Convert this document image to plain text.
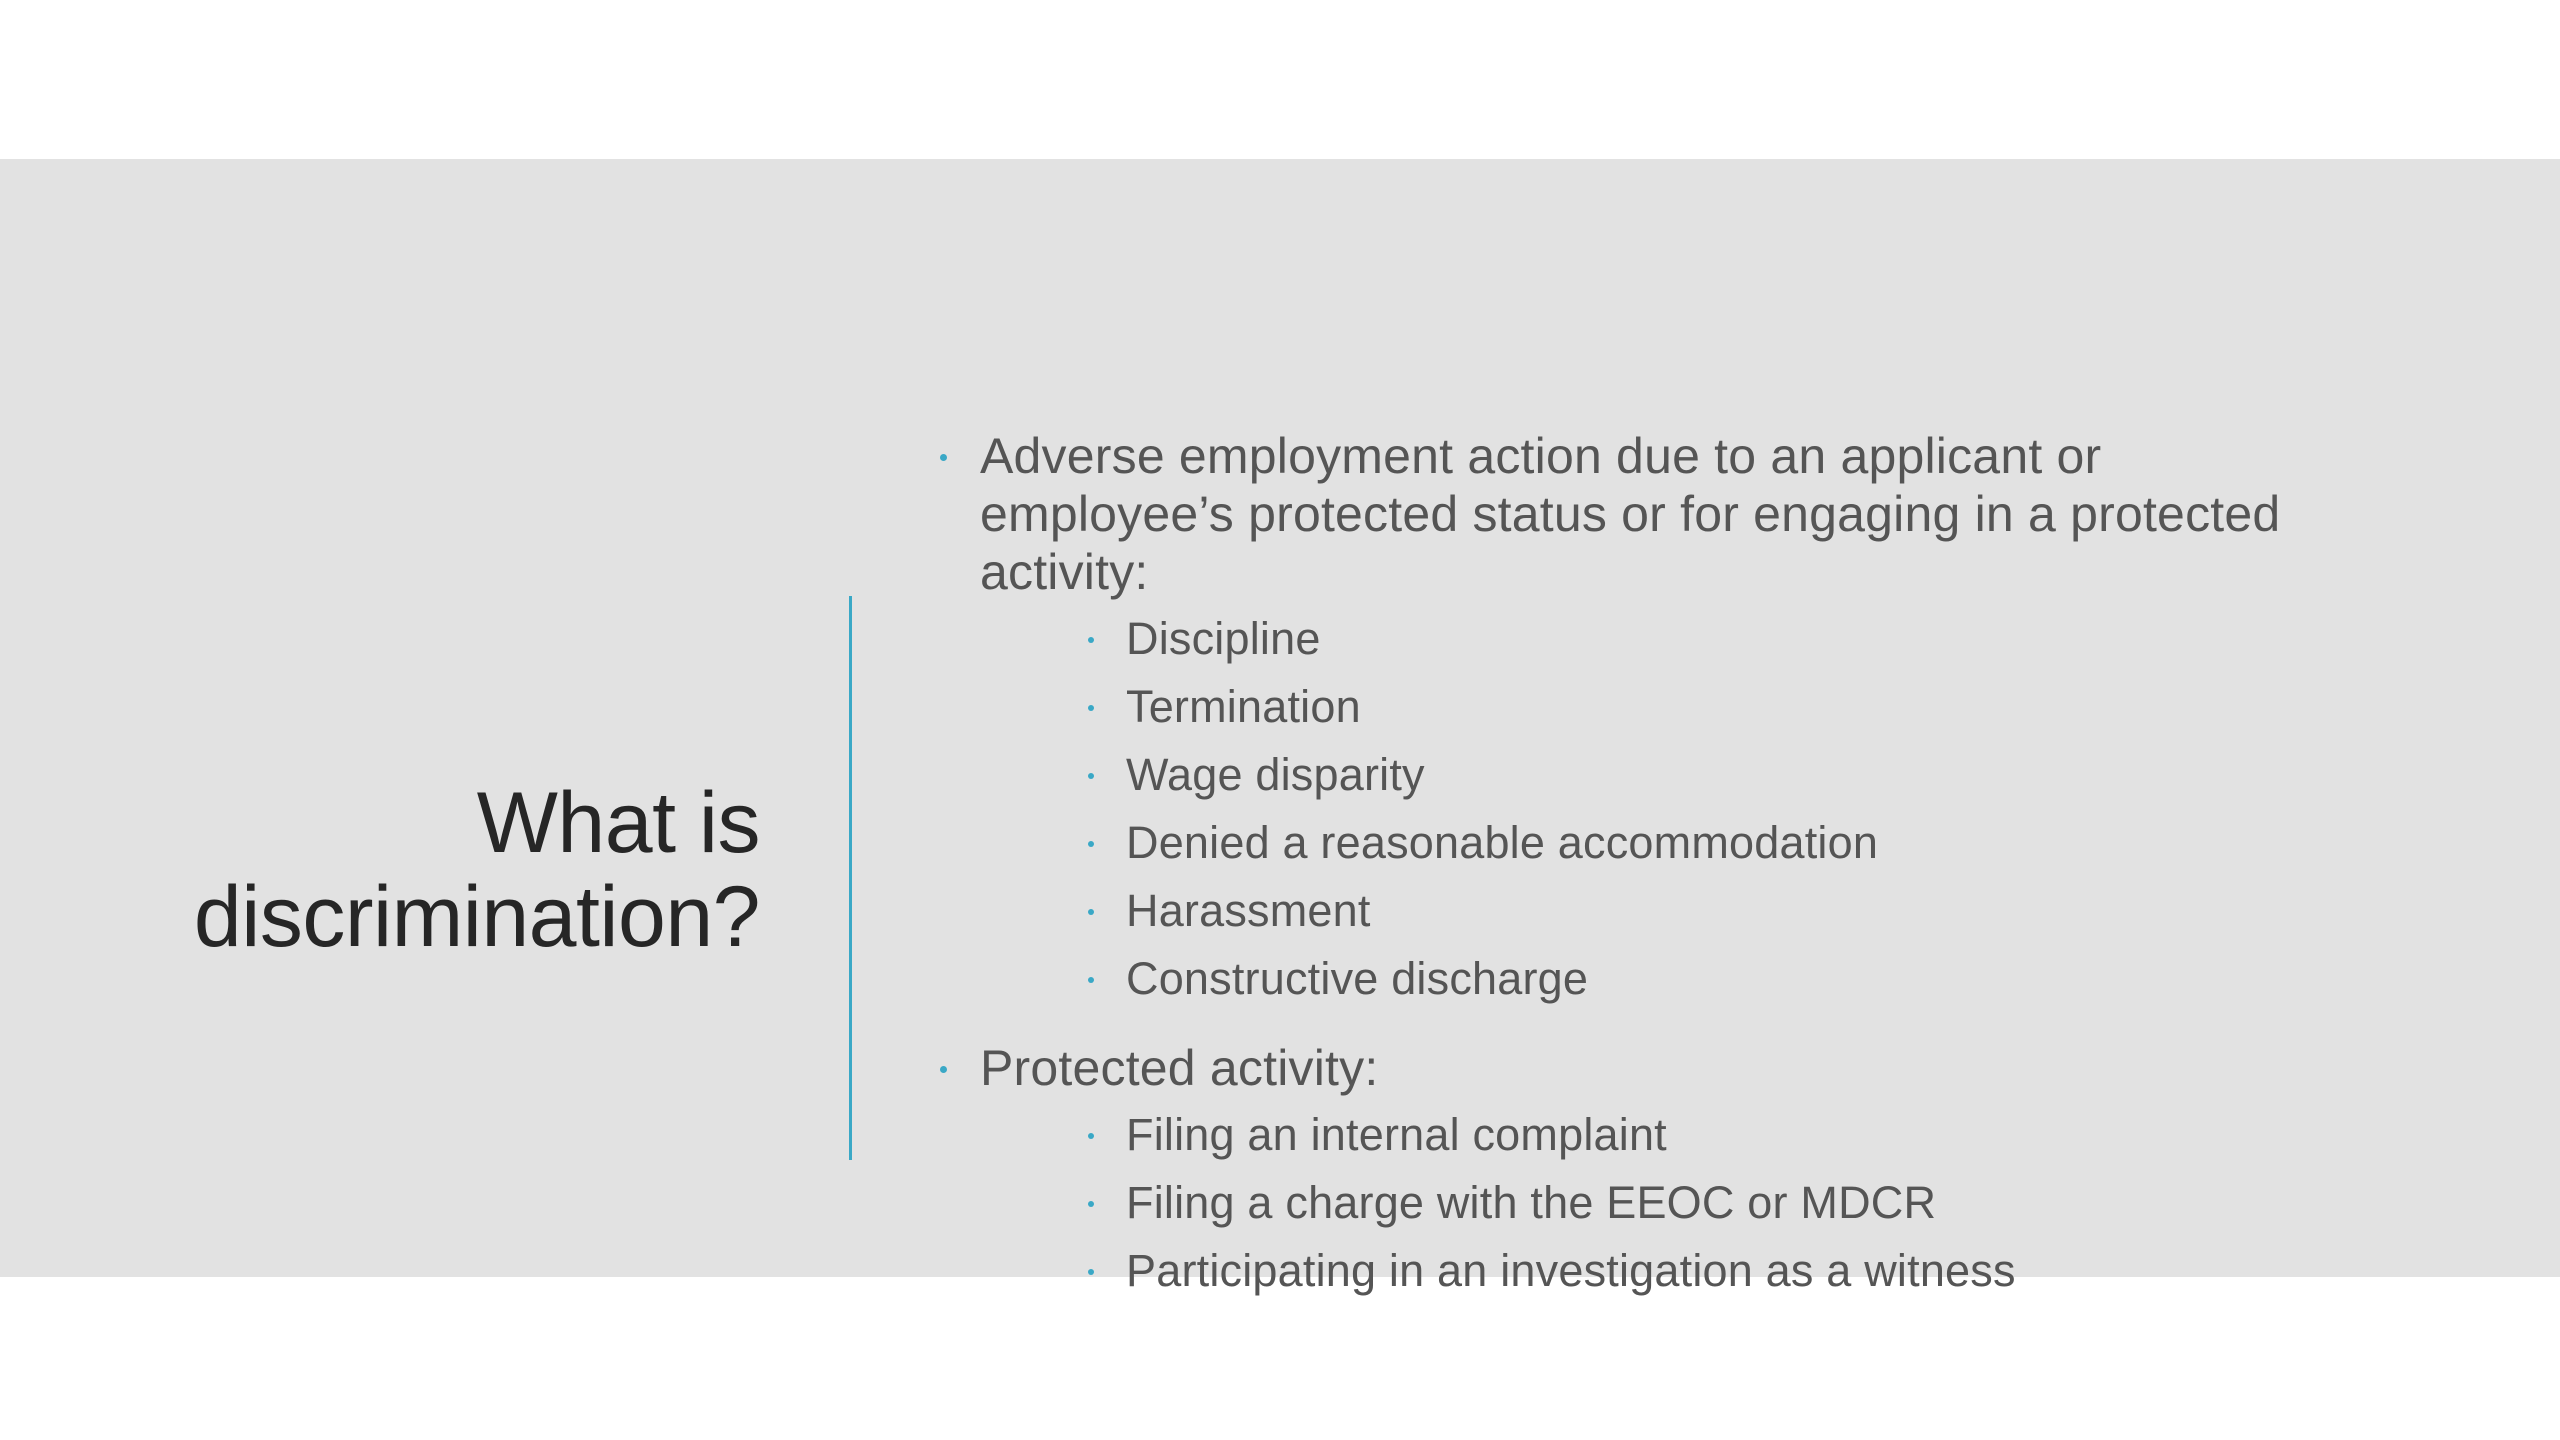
What is
discrimination?
Adverse employment action due to an applicant or employee’s protected status or for engaging in a protected activity:
Discipline
Termination
Wage disparity
Denied a reasonable accommodation
Harassment
Constructive discharge
Protected activity:
Filing an internal complaint
Filing a charge with the EEOC or MDCR
Participating in an investigation as a witness
